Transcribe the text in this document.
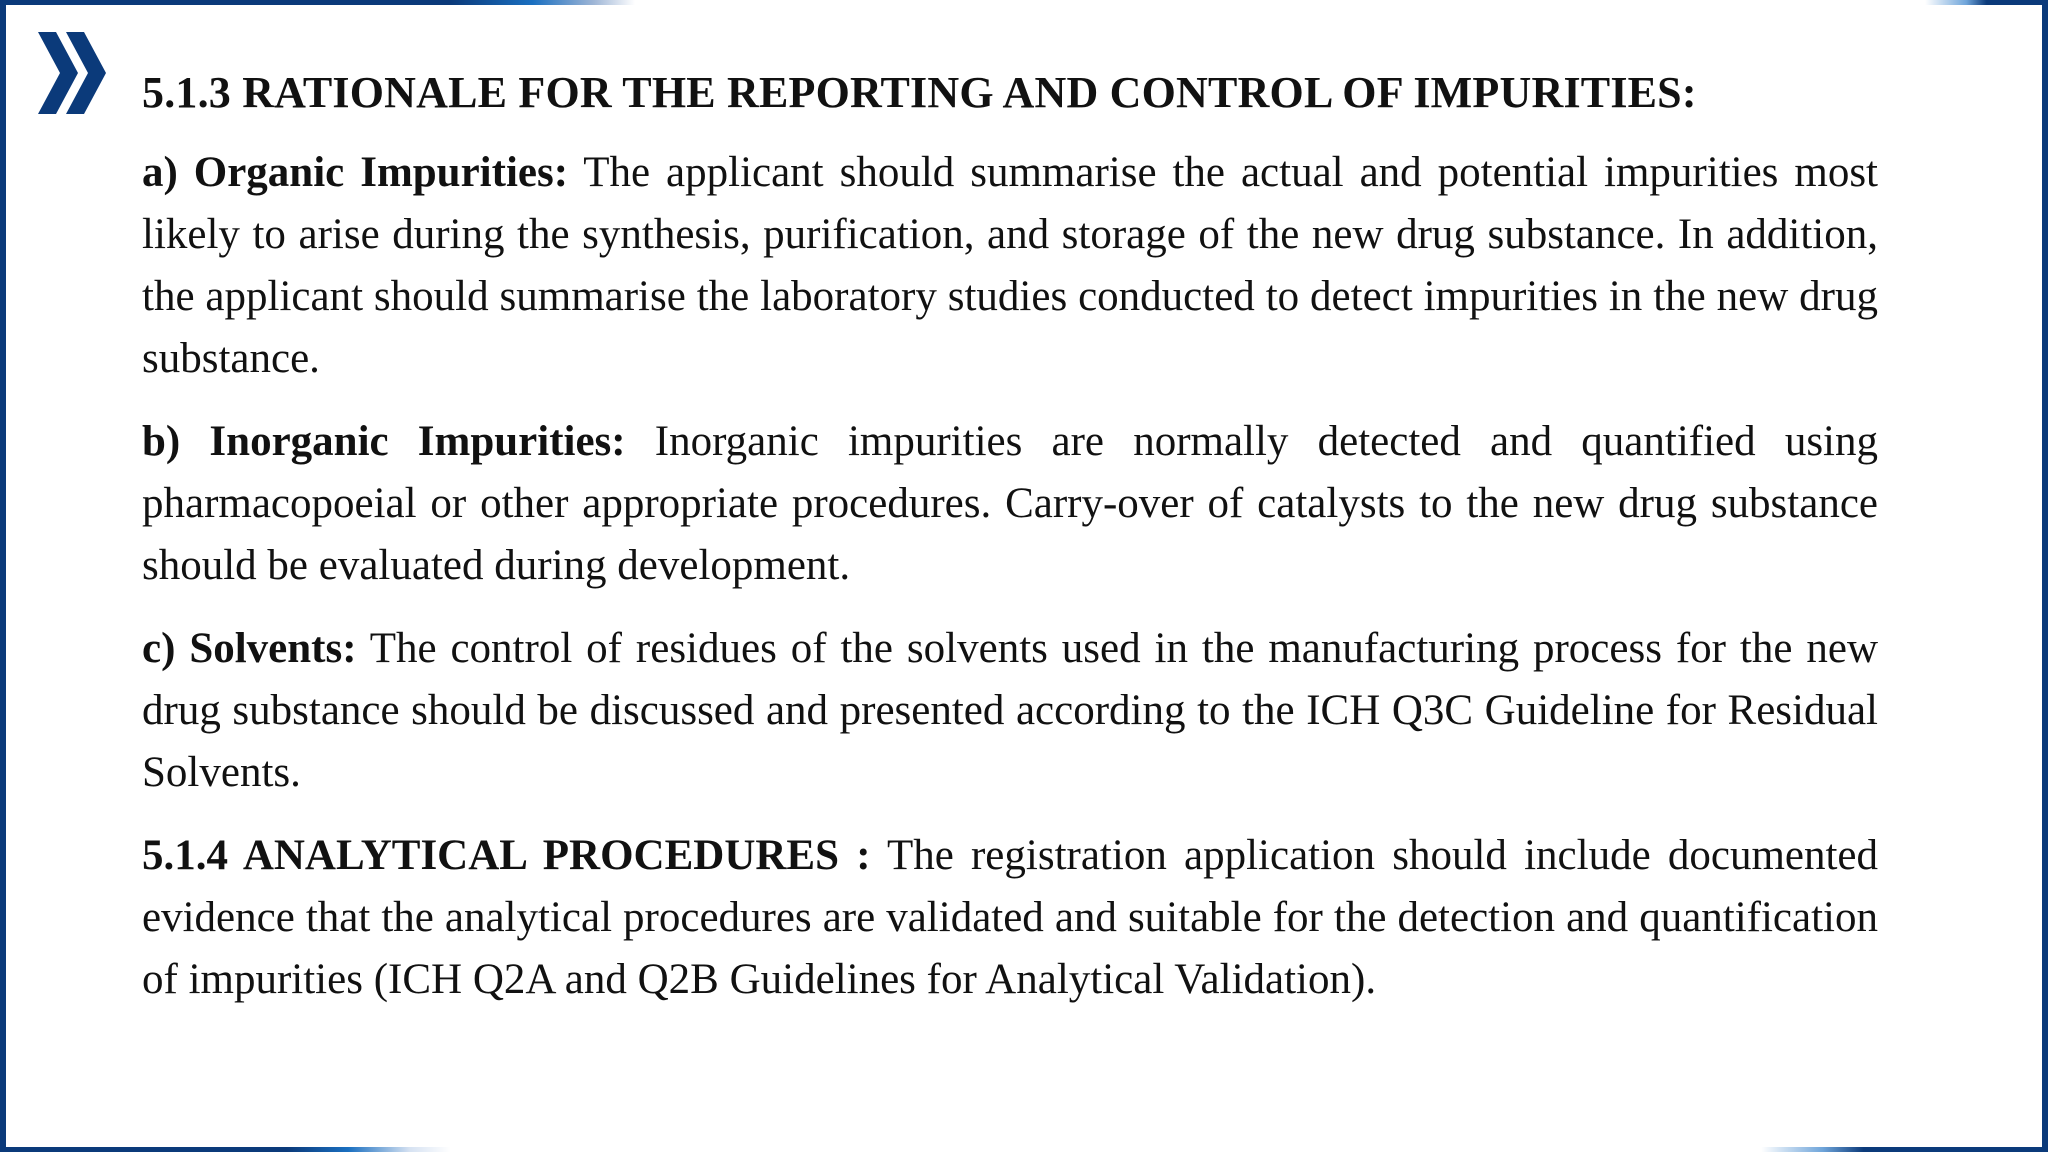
5.1.3 RATIONALE FOR THE REPORTING AND CONTROL OF IMPURITIES:

a) Organic Impurities: The applicant should summarise the actual and potential impurities most likely to arise during the synthesis, purification, and storage of the new drug substance. In addition, the applicant should summarise the laboratory studies conducted to detect impurities in the new drug substance.

b) Inorganic Impurities: Inorganic impurities are normally detected and quantified using pharmacopoeial or other appropriate procedures. Carry-over of catalysts to the new drug substance should be evaluated during development.

c) Solvents: The control of residues of the solvents used in the manufacturing process for the new drug substance should be discussed and presented according to the ICH Q3C Guideline for Residual Solvents.

5.1.4 ANALYTICAL PROCEDURES : The registration application should include documented evidence that the analytical procedures are validated and suitable for the detection and quantification of impurities (ICH Q2A and Q2B Guidelines for Analytical Validation).
